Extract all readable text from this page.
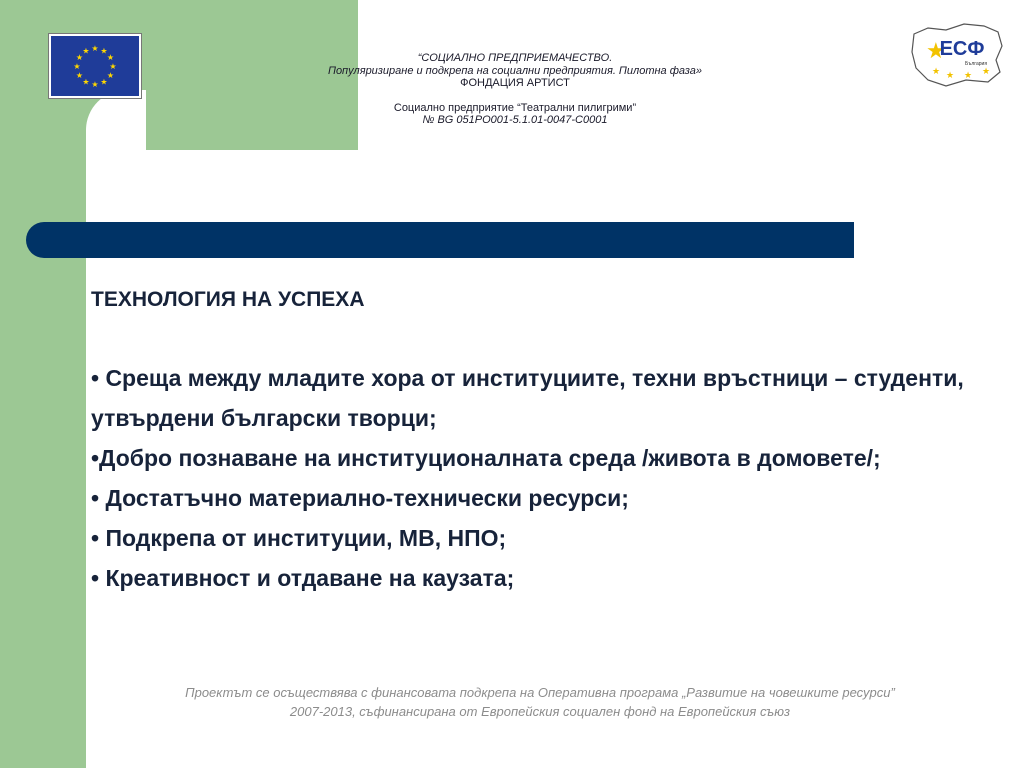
★ ★
★
★
★
★
★
★
★
★
★
★
“СОЦИАЛНО ПРЕДПРИЕМАЧЕСТВО.
Популяризиране и подкрепа на социални предприятия. Пилотна фаза»
ФОНДАЦИЯ АРТИСТ
Социално предприятие “Театрални пилигрими”
№ BG 051PO001-5.1.01-0047-C0001
★
ЕСФ
България
★ ★ ★ ★
ТЕХНОЛОГИЯ НА УСПЕХА
• Среща между младите хора от институциите, техни връстници – студенти, утвърдени български творци;
•Добро познаване на институционалната среда /живота в домовете/;
• Достатъчно материално-технически ресурси;
• Подкрепа от институции, МВ, НПО;
• Креативност и отдаване на каузата;
Проектът се осъществява с финансовата подкрепа на Оперативна програма „Развитие на човешките ресурси”
2007-2013, съфинансирана от Европейския социален фонд на Европейския съюз
